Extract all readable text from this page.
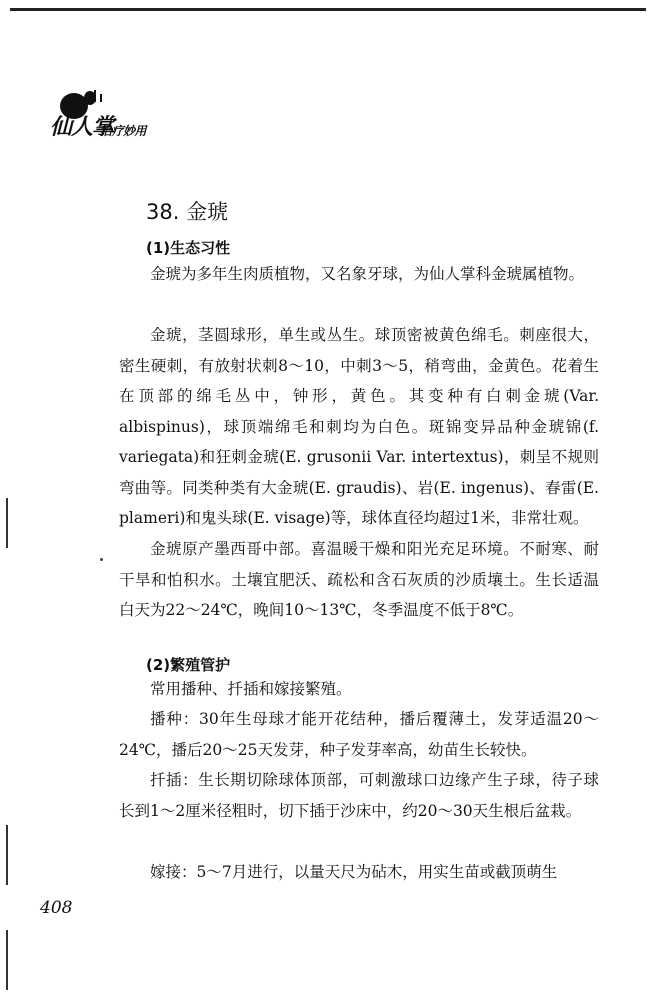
仙人掌
治疗妙用
38. 金琥
(1)生态习性

金琥为多年生肉质植物，又名象牙球，为仙人掌科金琥属植物。

金琥，茎圆球形，单生或丛生。球顶密被黄色绵毛。刺座很大，密生硬刺，有放射状刺8～10，中刺3～5，稍弯曲，金黄色。花着生在顶部的绵毛丛中，钟形，黄色。其变种有白刺金琥(Var. albispinus)，球顶端绵毛和刺均为白色。斑锦变异品种金琥锦(f. variegata)和狂刺金琥(E. grusonii Var. intertextus)，刺呈不规则弯曲等。同类种类有大金琥(E. graudis)、岩(E. ingenus)、春雷(E. plameri)和鬼头球(E. visage)等，球体直径均超过1米，非常壮观。

金琥原产墨西哥中部。喜温暖干燥和阳光充足环境。不耐寒、耐干旱和怕积水。土壤宜肥沃、疏松和含石灰质的沙质壤土。生长适温白天为22～24℃，晚间10～13℃，冬季温度不低于8℃。

(2)繁殖管护

常用播种、扦插和嫁接繁殖。

播种：30年生母球才能开花结种，播后覆薄土，发芽适温20～24℃，播后20～25天发芽，种子发芽率高，幼苗生长较快。

扦插：生长期切除球体顶部，可刺激球口边缘产生子球，待子球长到1～2厘米径粗时，切下插于沙床中，约20～30天生根后盆栽。

嫁接：5～7月进行，以量天尺为砧木，用实生苗或截顶萌生

408
